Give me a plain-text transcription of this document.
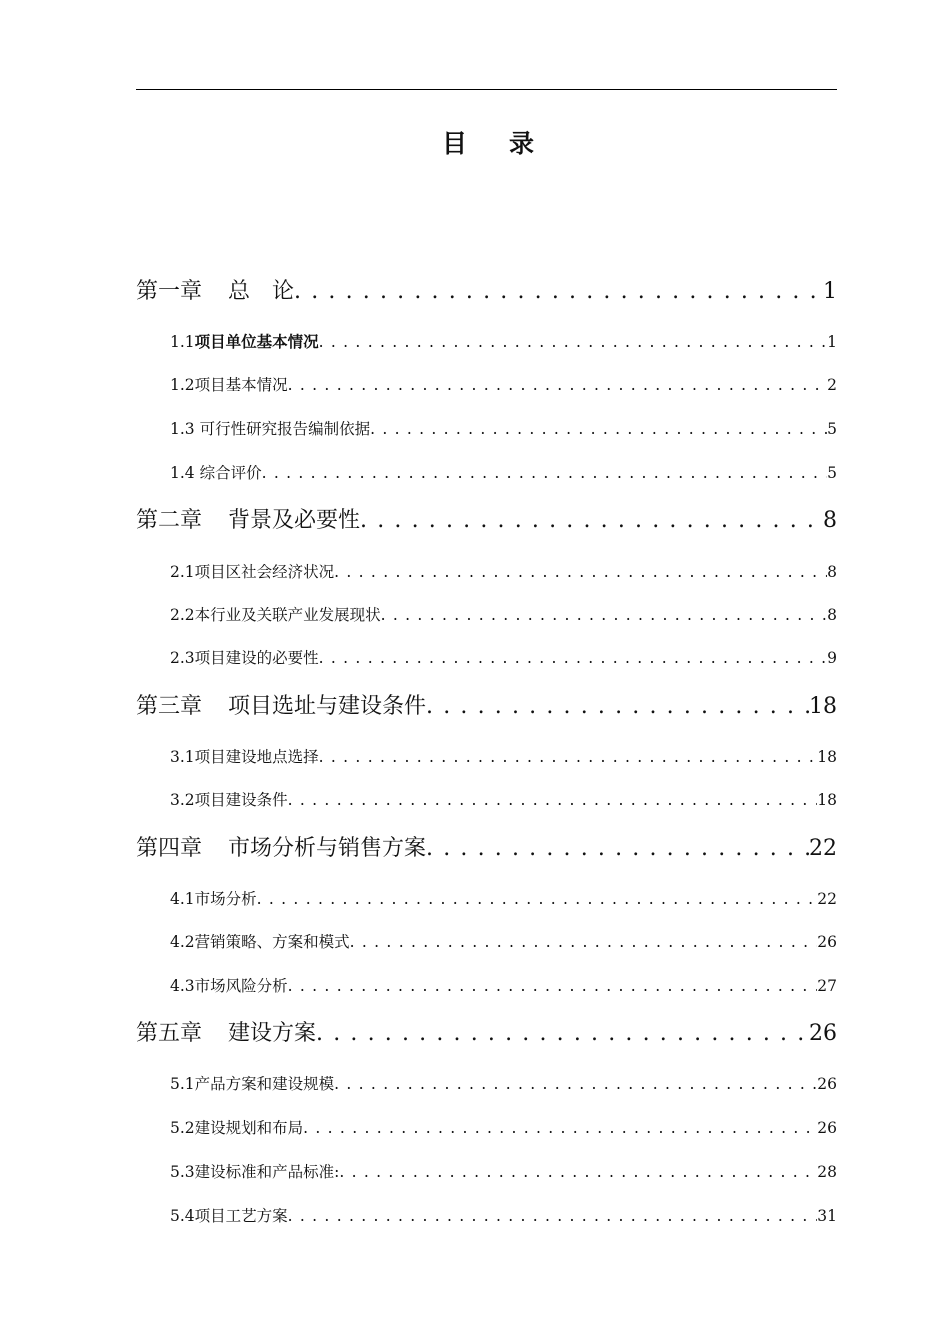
目 录
第一章 总　论 . . .	1
1.1项目单位基本情况 . . .	1
1.2项目基本情况 . . .	2
1.3 可行性研究报告编制依据 . . .	5
1.4 综合评价 . . .	5
第二章 背景及必要性 . . .	8
2.1项目区社会经济状况 . . .	8
2.2本行业及关联产业发展现状 . . .	8
2.3项目建设的必要性 . . .	9
第三章 项目选址与建设条件 . . .	18
3.1项目建设地点选择 . . .	18
3.2项目建设条件 . . .	18
第四章 市场分析与销售方案 . . .	22
4.1市场分析 . . .	22
4.2营销策略、方案和模式 . . .	26
4.3市场风险分析 . . .	27
第五章 建设方案 . . .	26
5.1产品方案和建设规模 . . .	26
5.2建设规划和布局 . . .	26
5.3建设标准和产品标准: . . .	28
5.4项目工艺方案 . . .	31
